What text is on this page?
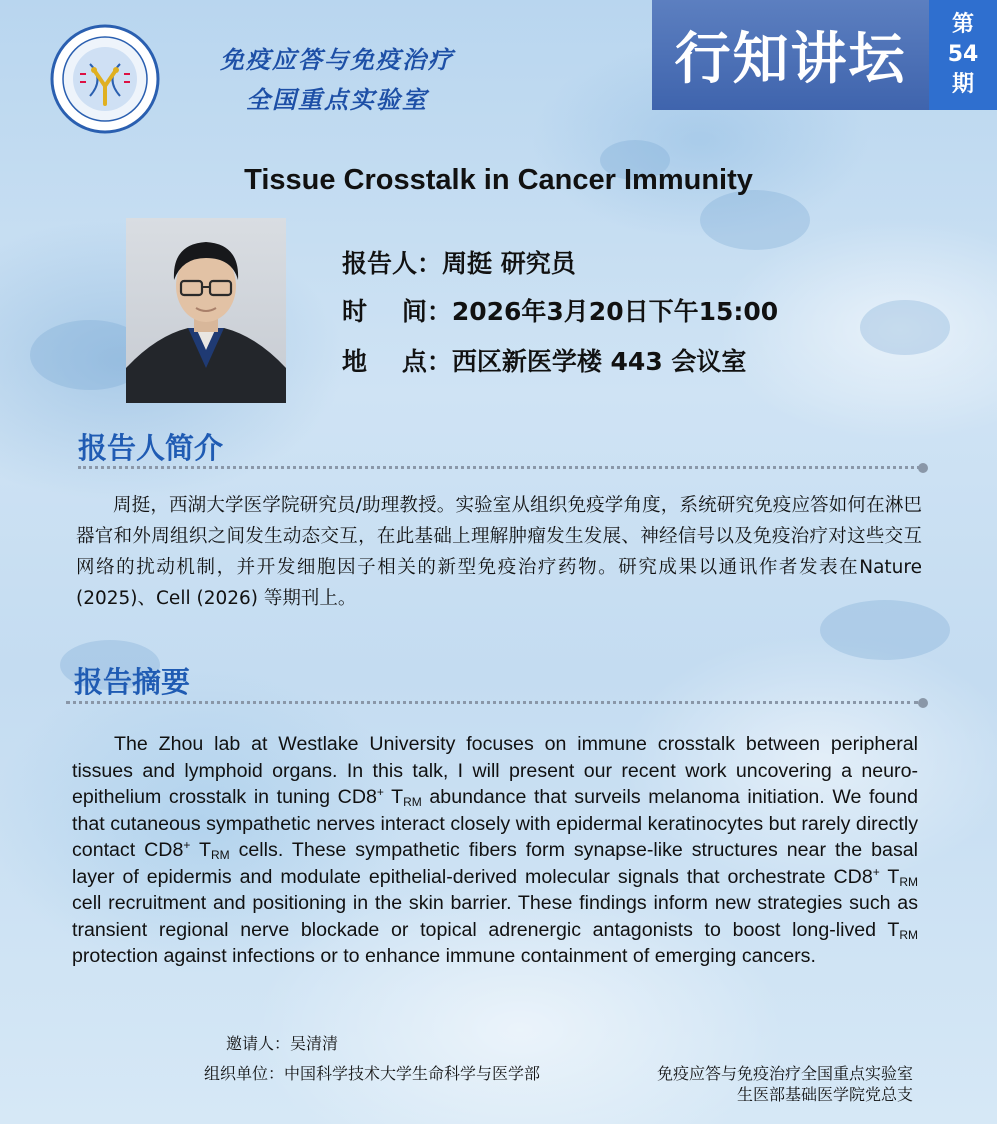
免疫应答与免疫治疗
全国重点实验室
行知讲坛
第
54
期
Tissue Crosstalk in Cancer Immunity
报告人：周挺 研究员
时    间：2026年3月20日下午15:00
地    点：西区新医学楼 443 会议室
报告人简介
周挺，西湖大学医学院研究员/助理教授。实验室从组织免疫学角度，系统研究免疫应答如何在淋巴器官和外周组织之间发生动态交互，在此基础上理解肿瘤发生发展、神经信号以及免疫治疗对这些交互网络的扰动机制，并开发细胞因子相关的新型免疫治疗药物。研究成果以通讯作者发表在Nature (2025)、Cell (2026) 等期刊上。
报告摘要
The Zhou lab at Westlake University focuses on immune crosstalk between peripheral tissues and lymphoid organs. In this talk, I will present our recent work uncovering a neuro-epithelium crosstalk in tuning CD8+ $T_{RM}$ abundance that surveils melanoma initiation. We found that cutaneous sympathetic nerves interact closely with epidermal keratinocytes but rarely directly contact CD8+ $T_{RM}$ cells. These sympathetic fibers form synapse-like structures near the basal layer of epidermis and modulate epithelial-derived molecular signals that orchestrate CD8+ $T_{RM}$ cell recruitment and positioning in the skin barrier. These findings inform new strategies such as transient regional nerve blockade or topical adrenergic antagonists to boost long-lived $T_{RM}$ protection against infections or to enhance immune containment of emerging cancers.
邀请人：吴清清
组织单位：中国科学技术大学生命科学与医学部	免疫应答与免疫治疗全国重点实验室
生医部基础医学院党总支
